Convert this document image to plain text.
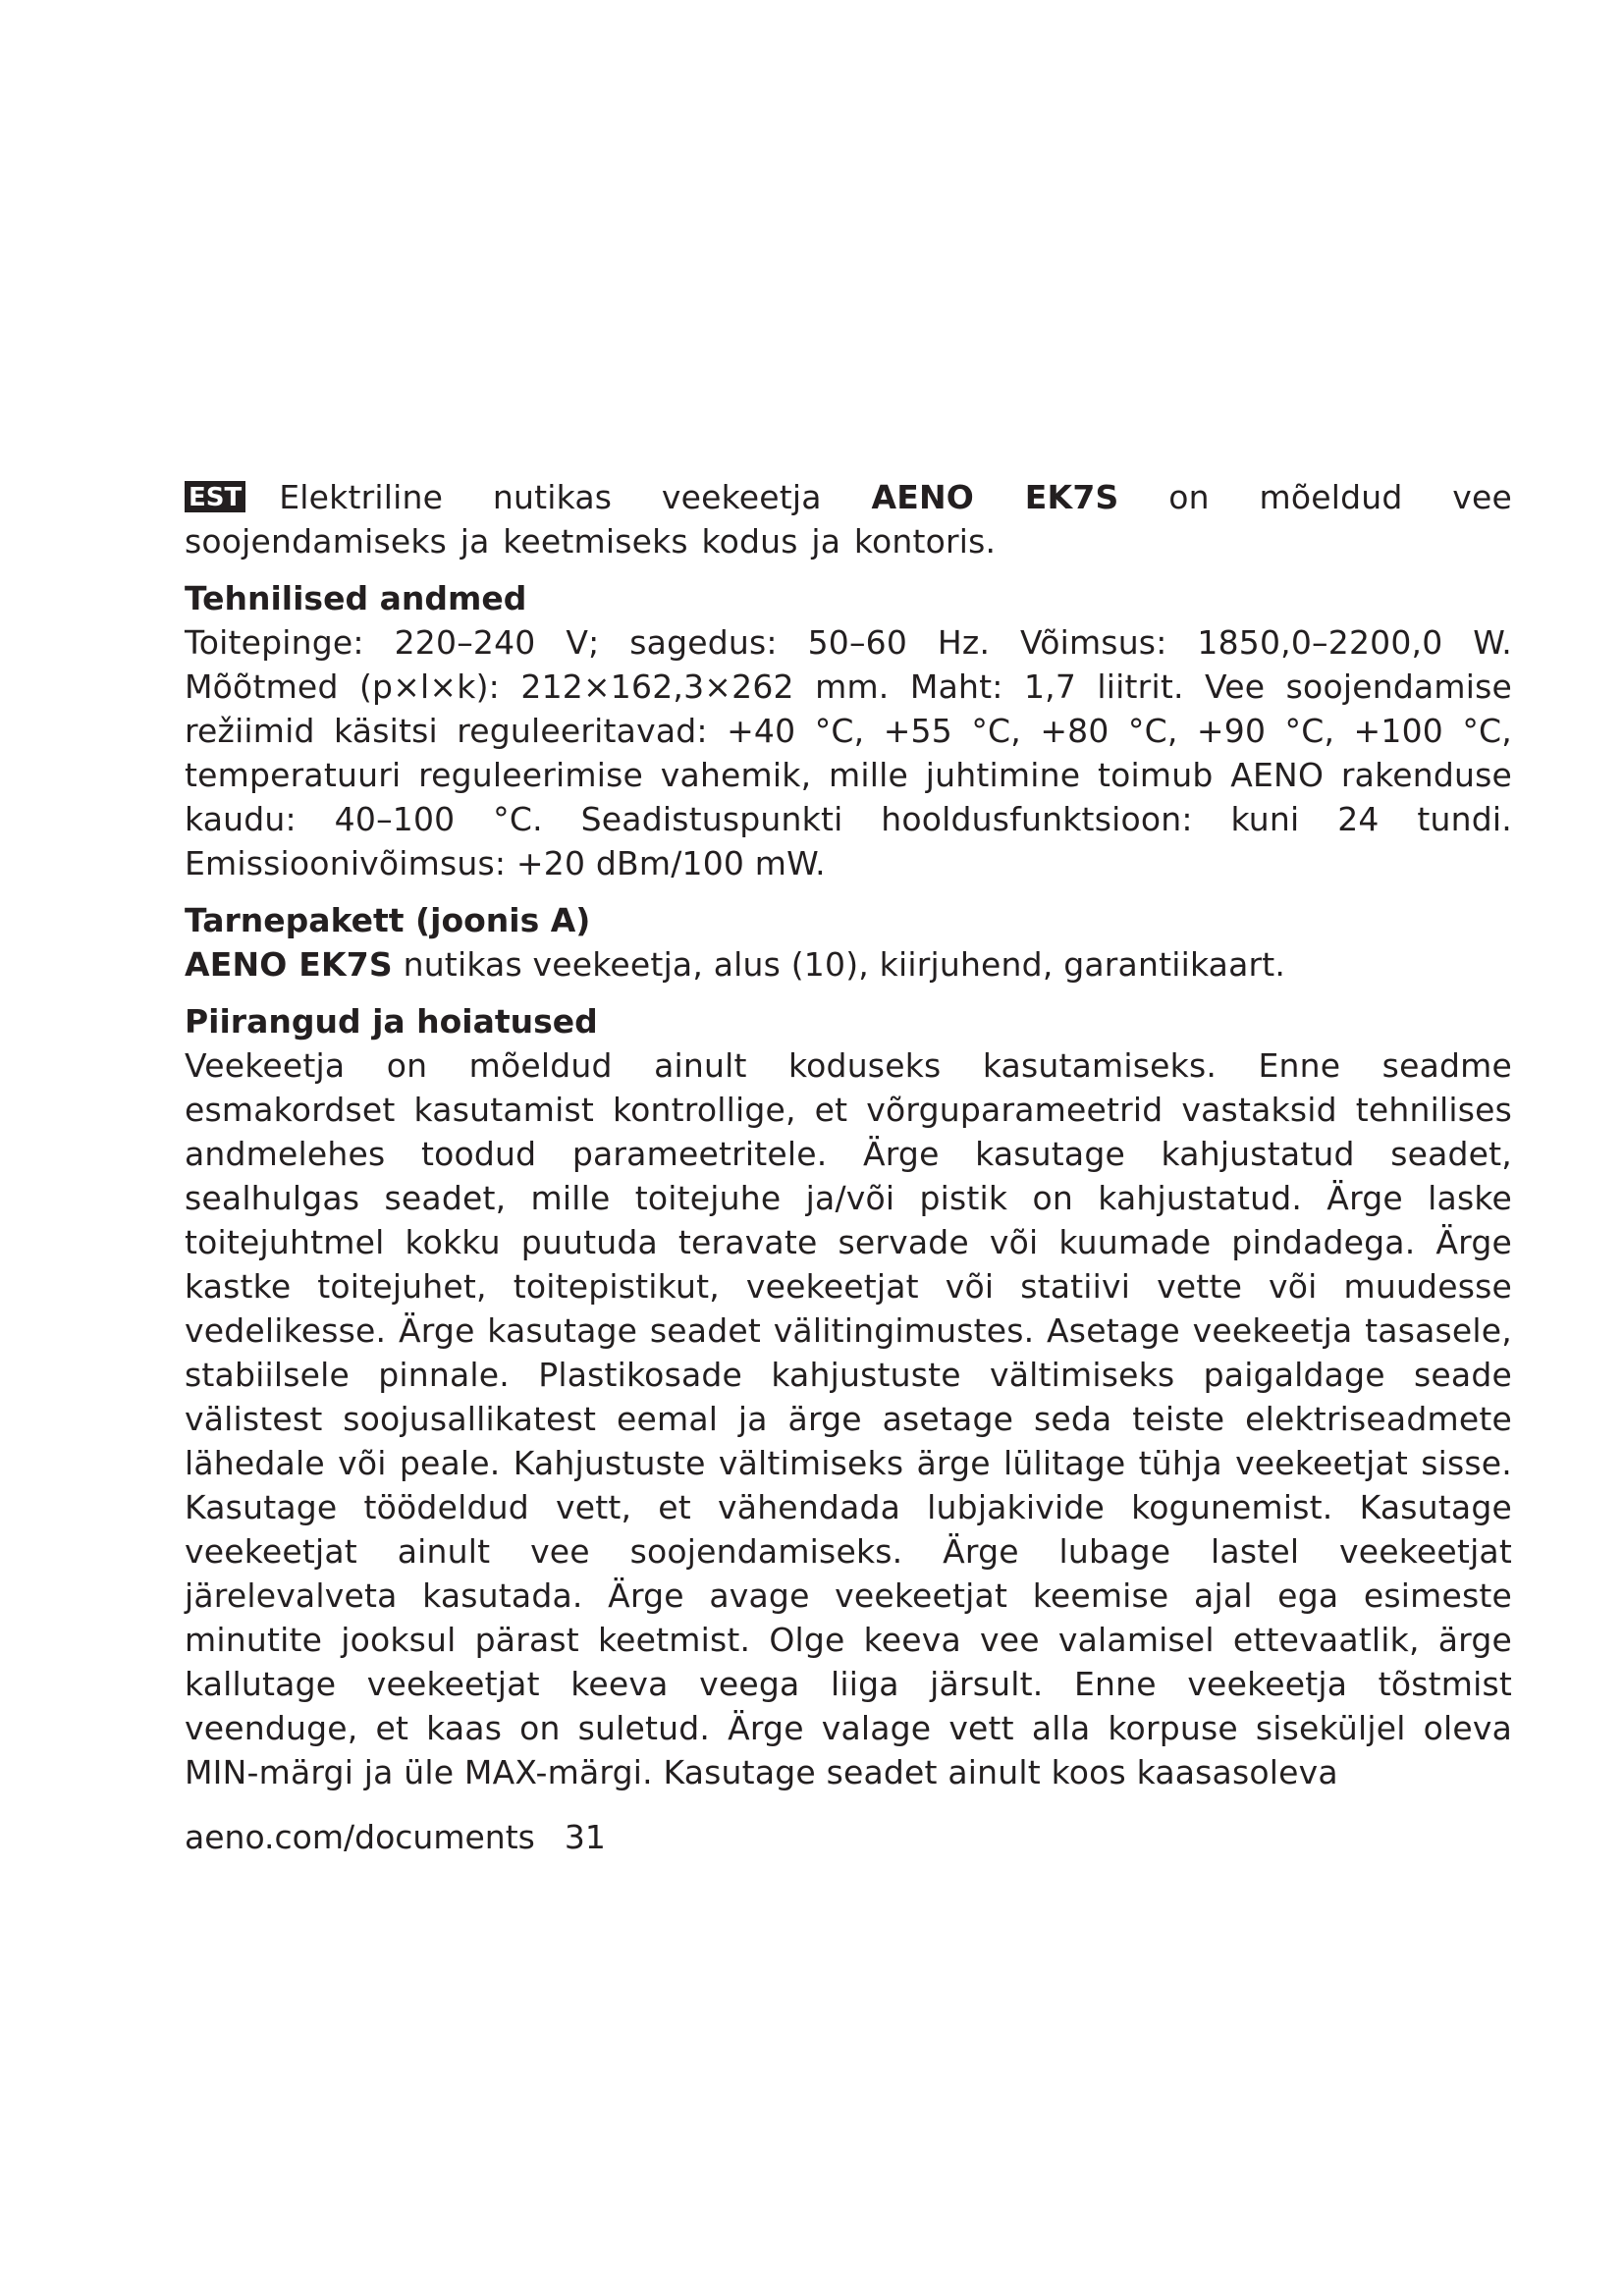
EST Elektriline nutikas veekeetja AENO EK7S on mõeldud vee soojendamiseks ja keetmiseks kodus ja kontoris.

Tehnilised andmed

Toitepinge: 220–240 V; sagedus: 50–60 Hz. Võimsus: 1850,0–2200,0 W. Mõõtmed (p×l×k): 212×162,3×262 mm. Maht: 1,7 liitrit. Vee soojendamise režiimid käsitsi reguleeritavad: +40 °C, +55 °C, +80 °C, +90 °C, +100 °C, temperatuuri reguleerimise vahemik, mille juhtimine toimub AENO rakenduse kaudu: 40–100 °C. Seadistuspunkti hooldusfunktsioon: kuni 24 tundi. Emissioonivõimsus: +20 dBm/100 mW.

Tarnepakett (joonis A)

AENO EK7S nutikas veekeetja, alus (10), kiirjuhend, garantiikaart.

Piirangud ja hoiatused

Veekeetja on mõeldud ainult koduseks kasutamiseks. Enne seadme esmakordset kasutamist kontrollige, et võrguparameetrid vastaksid tehnilises andmelehes toodud parameetritele. Ärge kasutage kahjustatud seadet, sealhulgas seadet, mille toitejuhe ja/või pistik on kahjustatud. Ärge laske toitejuhtmel kokku puutuda teravate servade või kuumade pindadega. Ärge kastke toitejuhet, toitepistikut, veekeetjat või statiivi vette või muudesse vedelikesse. Ärge kasutage seadet välitingimustes. Asetage veekeetja tasasele, stabiilsele pinnale. Plastikosade kahjustuste vältimiseks paigaldage seade välistest soojusallikatest eemal ja ärge asetage seda teiste elektriseadmete lähedale või peale. Kahjustuste vältimiseks ärge lülitage tühja veekeetjat sisse. Kasutage töödeldud vett, et vähendada lubjakivide kogunemist. Kasutage veekeetjat ainult vee soojendamiseks. Ärge lubage lastel veekeetjat järelevalveta kasutada. Ärge avage veekeetjat keemise ajal ega esimeste minutite jooksul pärast keetmist. Olge keeva vee valamisel ettevaatlik, ärge kallutage veekeetjat keeva veega liiga järsult. Enne veekeetja tõstmist veenduge, et kaas on suletud. Ärge valage vett alla korpuse siseküljel oleva MIN-märgi ja üle MAX-märgi. Kasutage seadet ainult koos kaasasoleva

aeno.com/documents 31
